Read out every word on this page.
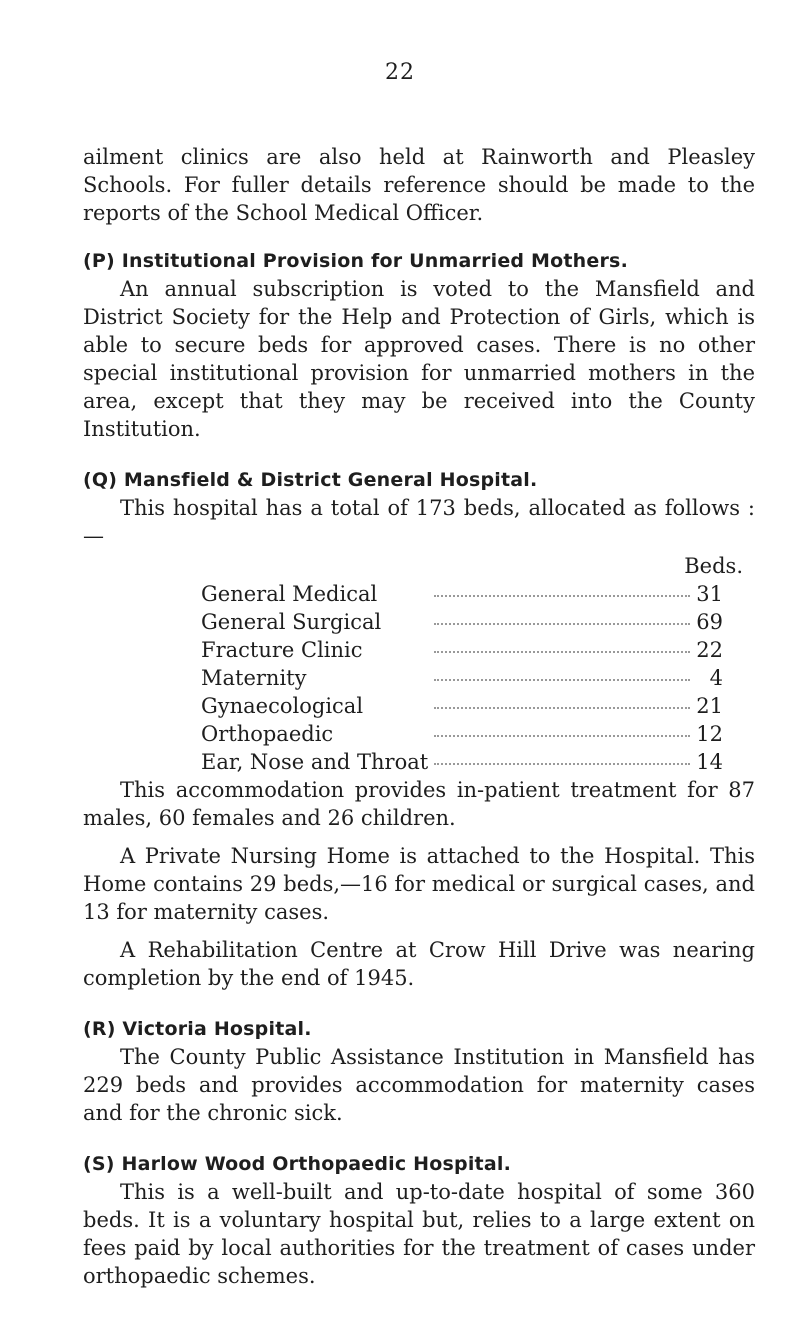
22

ailment clinics are also held at Rainworth and Pleasley Schools. For fuller details reference should be made to the reports of the School Medical Officer.

(P) Institutional Provision for Unmarried Mothers.

An annual subscription is voted to the Mansfield and District Society for the Help and Protection of Girls, which is able to secure beds for approved cases. There is no other special institutional provision for unmarried mothers in the area, except that they may be received into the County Institution.

(Q) Mansfield & District General Hospital.

This hospital has a total of 173 beds, allocated as follows :—

Beds.
General Medical		31
General Surgical		69
Fracture Clinic		22
Maternity		4
Gynaecological		21
Orthopaedic		12
Ear, Nose and Throat		14

This accommodation provides in-patient treatment for 87 males, 60 females and 26 children.

A Private Nursing Home is attached to the Hospital. This Home contains 29 beds,—16 for medical or surgical cases, and 13 for maternity cases.

A Rehabilitation Centre at Crow Hill Drive was nearing completion by the end of 1945.

(R) Victoria Hospital.

The County Public Assistance Institution in Mansfield has 229 beds and provides accommodation for maternity cases and for the chronic sick.

(S) Harlow Wood Orthopaedic Hospital.

This is a well-built and up-to-date hospital of some 360 beds. It is a voluntary hospital but, relies to a large extent on fees paid by local authorities for the treatment of cases under orthopaedic schemes.
